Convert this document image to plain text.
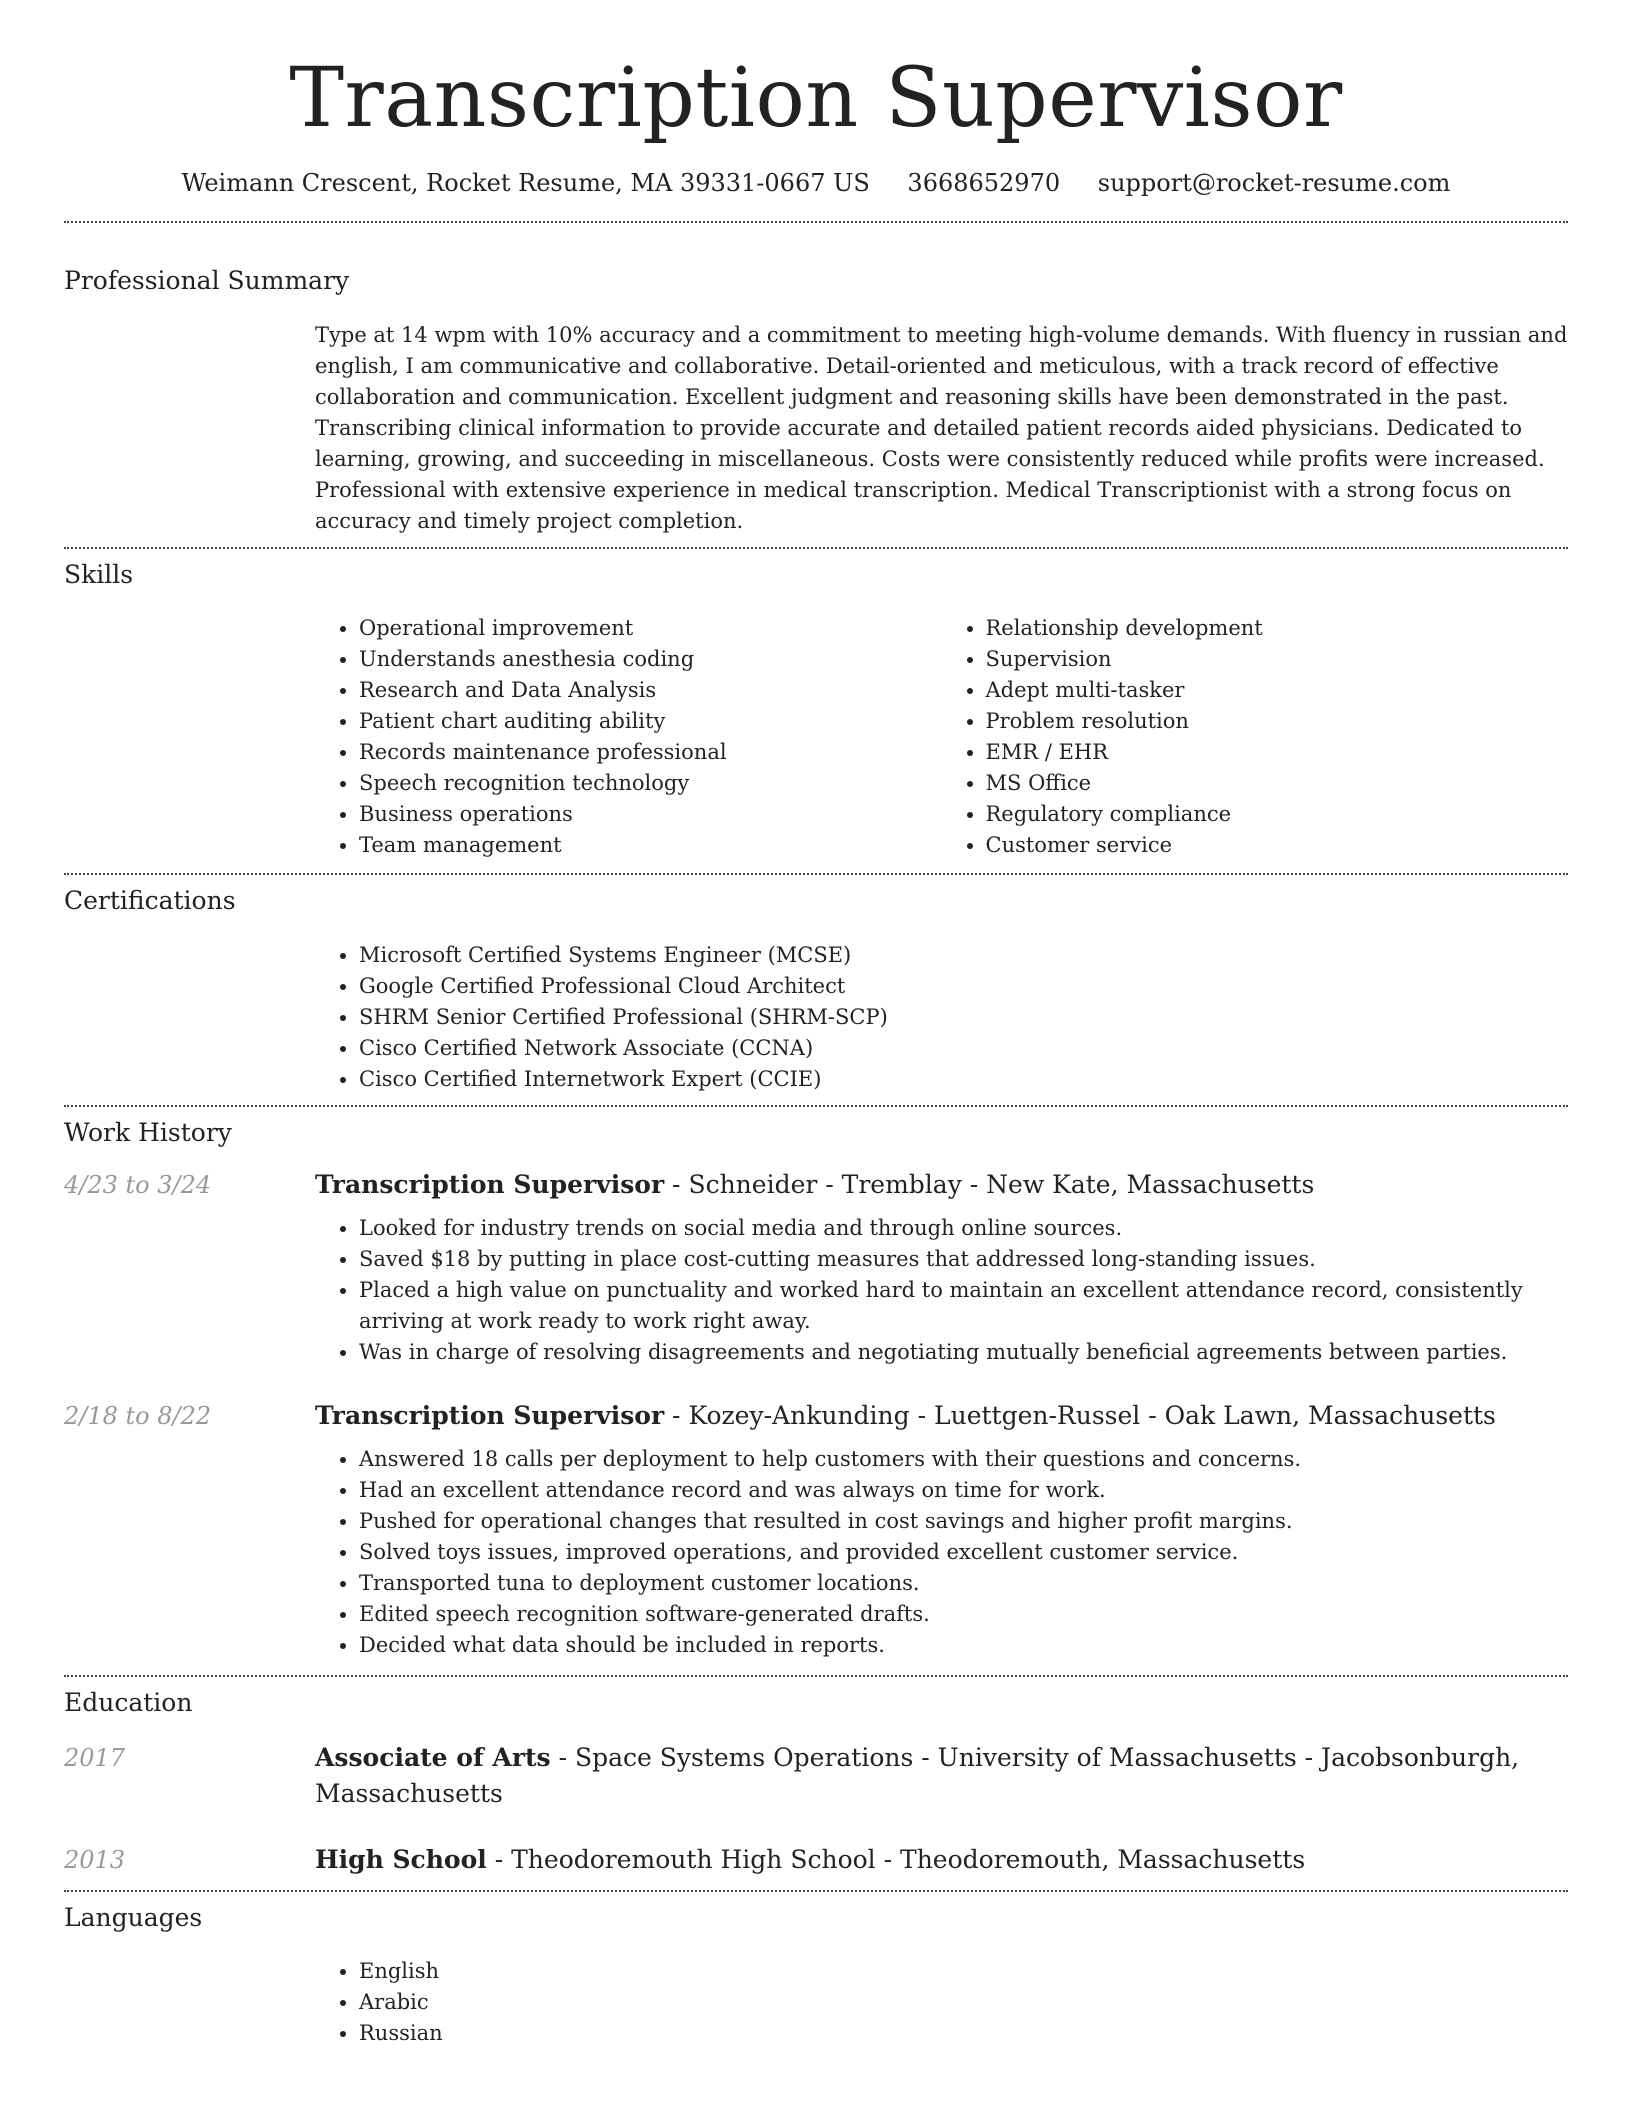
Transcription Supervisor
Weimann Crescent, Rocket Resume, MA 39331-0667 US 3668652970 support@rocket-resume.com
Professional Summary
Type at 14 wpm with 10% accuracy and a commitment to meeting high-volume demands. With fluency in russian and english, I am communicative and collaborative. Detail-oriented and meticulous, with a track record of effective collaboration and communication. Excellent judgment and reasoning skills have been demonstrated in the past. Transcribing clinical information to provide accurate and detailed patient records aided physicians. Dedicated to learning, growing, and succeeding in miscellaneous. Costs were consistently reduced while profits were increased. Professional with extensive experience in medical transcription. Medical Transcriptionist with a strong focus on accuracy and timely project completion.
Skills
• Operational improvement
• Understands anesthesia coding
• Research and Data Analysis
• Patient chart auditing ability
• Records maintenance professional
• Speech recognition technology
• Business operations
• Team management
• Relationship development
• Supervision
• Adept multi-tasker
• Problem resolution
• EMR / EHR
• MS Office
• Regulatory compliance
• Customer service
Certifications
• Microsoft Certified Systems Engineer (MCSE)
• Google Certified Professional Cloud Architect
• SHRM Senior Certified Professional (SHRM-SCP)
• Cisco Certified Network Associate (CCNA)
• Cisco Certified Internetwork Expert (CCIE)
Work History
4/23 to 3/24	Transcription Supervisor - Schneider - Tremblay - New Kate, Massachusetts
• Looked for industry trends on social media and through online sources.
• Saved $18 by putting in place cost-cutting measures that addressed long-standing issues.
• Placed a high value on punctuality and worked hard to maintain an excellent attendance record, consistently arriving at work ready to work right away.
• Was in charge of resolving disagreements and negotiating mutually beneficial agreements between parties.
2/18 to 8/22	Transcription Supervisor - Kozey-Ankunding - Luettgen-Russel - Oak Lawn, Massachusetts
• Answered 18 calls per deployment to help customers with their questions and concerns.
• Had an excellent attendance record and was always on time for work.
• Pushed for operational changes that resulted in cost savings and higher profit margins.
• Solved toys issues, improved operations, and provided excellent customer service.
• Transported tuna to deployment customer locations.
• Edited speech recognition software-generated drafts.
• Decided what data should be included in reports.
Education
2017	Associate of Arts - Space Systems Operations - University of Massachusetts - Jacobsonburgh, Massachusetts
2013	High School - Theodoremouth High School - Theodoremouth, Massachusetts
Languages
• English
• Arabic
• Russian
